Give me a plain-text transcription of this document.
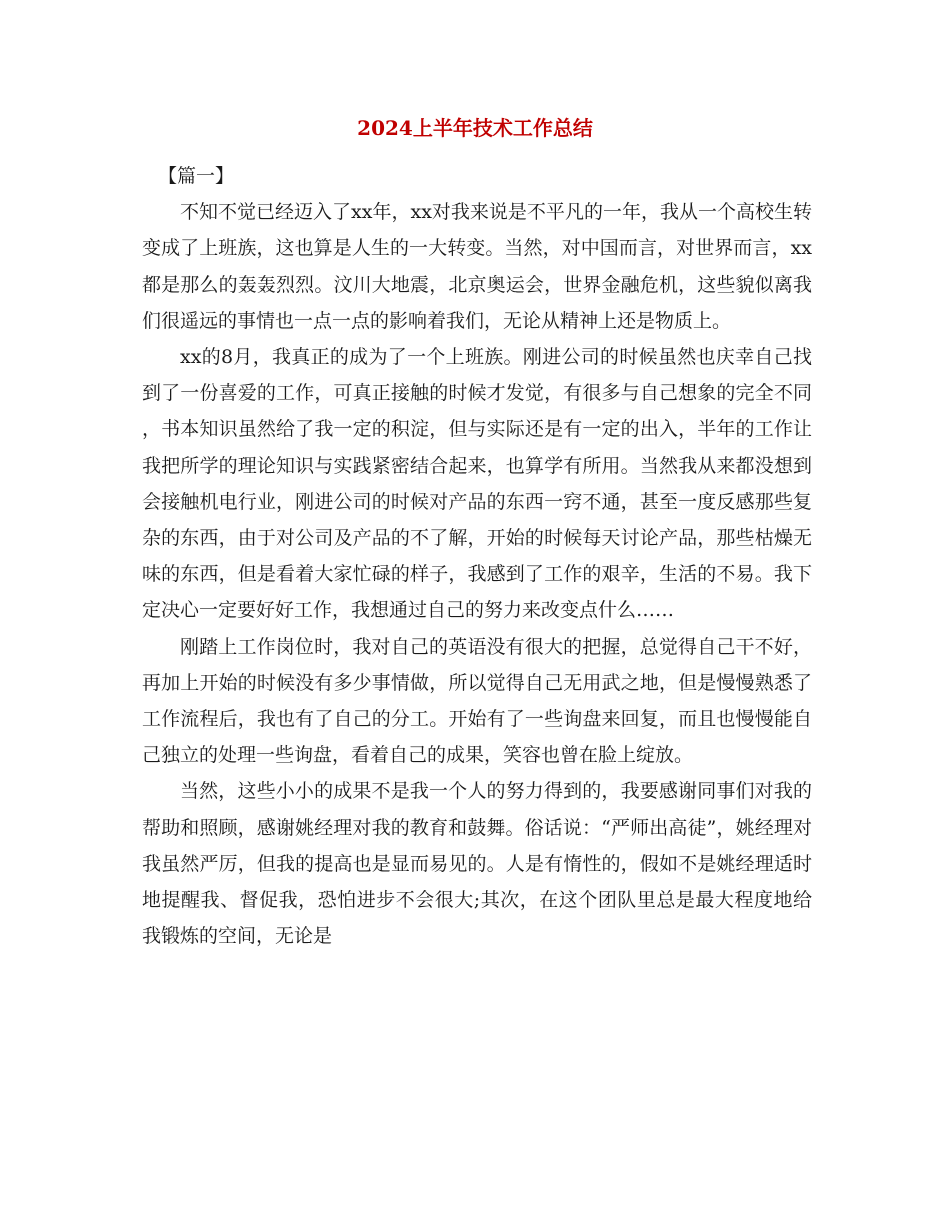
2024上半年技术工作总结

【篇一】

不知不觉已经迈入了xx年，xx对我来说是不平凡的一年，我从一个高校生转变成了上班族，这也算是人生的一大转变。当然，对中国而言，对世界而言，xx都是那么的轰轰烈烈。汶川大地震，北京奥运会，世界金融危机，这些貌似离我们很遥远的事情也一点一点的影响着我们，无论从精神上还是物质上。

xx的8月，我真正的成为了一个上班族。刚进公司的时候虽然也庆幸自己找到了一份喜爱的工作，可真正接触的时候才发觉，有很多与自己想象的完全不同，书本知识虽然给了我一定的积淀，但与实际还是有一定的出入，半年的工作让我把所学的理论知识与实践紧密结合起来，也算学有所用。当然我从来都没想到会接触机电行业，刚进公司的时候对产品的东西一窍不通，甚至一度反感那些复杂的东西，由于对公司及产品的不了解，开始的时候每天讨论产品，那些枯燥无味的东西，但是看着大家忙碌的样子，我感到了工作的艰辛，生活的不易。我下定决心一定要好好工作，我想通过自己的努力来改变点什么……

刚踏上工作岗位时，我对自己的英语没有很大的把握，总觉得自己干不好，再加上开始的时候没有多少事情做，所以觉得自己无用武之地，但是慢慢熟悉了工作流程后，我也有了自己的分工。开始有了一些询盘来回复，而且也慢慢能自己独立的处理一些询盘，看着自己的成果，笑容也曾在脸上绽放。

当然，这些小小的成果不是我一个人的努力得到的，我要感谢同事们对我的帮助和照顾，感谢姚经理对我的教育和鼓舞。俗话说：“严师出高徒”，姚经理对我虽然严厉，但我的提高也是显而易见的。人是有惰性的，假如不是姚经理适时地提醒我、督促我，恐怕进步不会很大;其次，在这个团队里总是最大程度地给我锻炼的空间，无论是
